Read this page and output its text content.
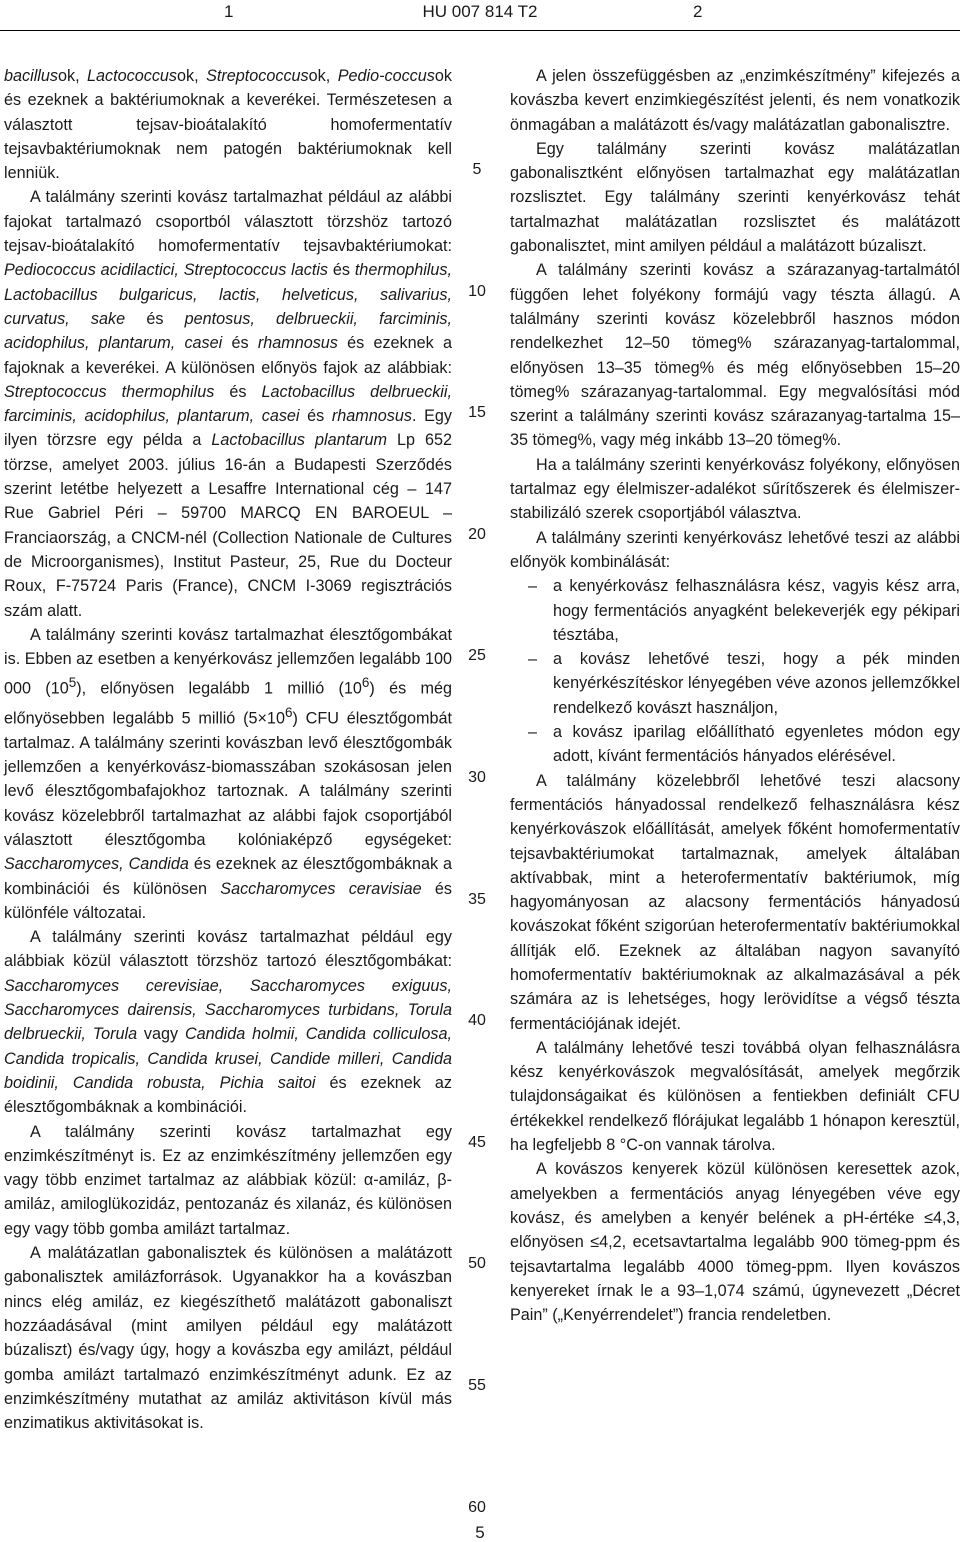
1	HU 007 814 T2	2

bacillusok, Lactococcusok, Streptococcusok, Pedio-coccusok és ezeknek a baktériumoknak a keverékei. Természetesen a választott tejsav-bioátalakító homofermentatív tejsavbaktériumoknak nem patogén baktériumoknak kell lenniük.

A találmány szerinti kovász tartalmazhat például az alábbi fajokat tartalmazó csoportból választott törzshöz tartozó tejsav-bioátalakító homofermentatív tejsavbaktériumokat: Pediococcus acidilactici, Streptococcus lactis és thermophilus, Lactobacillus bulgaricus, lactis, helveticus, salivarius, curvatus, sake és pentosus, delbrueckii, farciminis, acidophilus, plantarum, casei és rhamnosus és ezeknek a fajoknak a keverékei. A különösen előnyös fajok az alábbiak: Streptococcus thermophilus és Lactobacillus delbrueckii, farciminis, acidophilus, plantarum, casei és rhamnosus. Egy ilyen törzsre egy példa a Lactobacillus plantarum Lp 652 törzse, amelyet 2003. július 16-án a Budapesti Szerződés szerint letétbe helyezett a Lesaffre International cég – 147 Rue Gabriel Péri – 59700 MARCQ EN BAROEUL – Franciaország, a CNCM-nél (Collection Nationale de Cultures de Microorganismes), Institut Pasteur, 25, Rue du Docteur Roux, F-75724 Paris (France), CNCM I-3069 regisztrációs szám alatt.

A találmány szerinti kovász tartalmazhat élesztőgombákat is. Ebben az esetben a kenyérkovász jellemzően legalább 100 000 $(10^5)$, előnyösen legalább 1 millió $(10^6)$ és még előnyösebben legalább 5 millió $(5\times 10^6)$ CFU élesztőgombát tartalmaz. A találmány szerinti kovászban levő élesztőgombák jellemzően a kenyérkovász-biomasszában szokásosan jelen levő élesztőgombafajokhoz tartoznak. A találmány szerinti kovász közelebbről tartalmazhat az alábbi fajok csoportjából választott élesztőgomba kolóniaképző egységeket: Saccharomyces, Candida és ezeknek az élesztőgombáknak a kombinációi és különösen Saccharomyces ceravisiae és különféle változatai.

A találmány szerinti kovász tartalmazhat például egy alábbiak közül választott törzshöz tartozó élesztőgombákat: Saccharomyces cerevisiae, Saccharomyces exiguus, Saccharomyces dairensis, Saccharomyces turbidans, Torula delbrueckii, Torula vagy Candida holmii, Candida colliculosa, Candida tropicalis, Candida krusei, Candide milleri, Candida boidinii, Candida robusta, Pichia saitoi és ezeknek az élesztőgombáknak a kombinációi.

A találmány szerinti kovász tartalmazhat egy enzimkészítményt is. Ez az enzimkészítmény jellemzően egy vagy több enzimet tartalmaz az alábbiak közül: α-amiláz, β-amiláz, amiloglükozidáz, pentozanáz és xilanáz, és különösen egy vagy több gomba amilázt tartalmaz.

A malátázatlan gabonalisztek és különösen a malátázott gabonalisztek amilázforrások. Ugyanakkor ha a kovászban nincs elég amiláz, ez kiegészíthető malátázott gabonaliszt hozzáadásával (mint amilyen például egy malátázott búzaliszt) és/vagy úgy, hogy a kovászba egy amilázt, például gomba amilázt tartalmazó enzimkészítményt adunk. Ez az enzimkészítmény mutathat az amiláz aktivitáson kívül más enzimatikus aktivitásokat is.

5
10
15
20
25
30
35
40
45
50
55
60

A jelen összefüggésben az „enzimkészítmény” kifejezés a kovászba kevert enzimkiegészítést jelenti, és nem vonatkozik önmagában a malátázott és/vagy malátázatlan gabonalisztre.

Egy találmány szerinti kovász malátázatlan gabonalisztként előnyösen tartalmazhat egy malátázatlan rozslisztet. Egy találmány szerinti kenyérkovász tehát tartalmazhat malátázatlan rozslisztet és malátázott gabonalisztet, mint amilyen például a malátázott búzaliszt.

A találmány szerinti kovász a szárazanyag-tartalmától függően lehet folyékony formájú vagy tészta állagú. A találmány szerinti kovász közelebbről hasznos módon rendelkezhet 12–50 tömeg% szárazanyag-tartalommal, előnyösen 13–35 tömeg% és még előnyösebben 15–20 tömeg% szárazanyag-tartalommal. Egy megvalósítási mód szerint a találmány szerinti kovász szárazanyag-tartalma 15–35 tömeg%, vagy még inkább 13–20 tömeg%.

Ha a találmány szerinti kenyérkovász folyékony, előnyösen tartalmaz egy élelmiszer-adalékot sűrítőszerek és élelmiszer-stabilizáló szerek csoportjából választva.

A találmány szerinti kenyérkovász lehetővé teszi az alábbi előnyök kombinálását:

– a kenyérkovász felhasználásra kész, vagyis kész arra, hogy fermentációs anyagként belekeverjék egy pékipari tésztába,
– a kovász lehetővé teszi, hogy a pék minden kenyérkészítéskor lényegében véve azonos jellemzőkkel rendelkező kovászt használjon,
– a kovász iparilag előállítható egyenletes módon egy adott, kívánt fermentációs hányados elérésével.

A találmány közelebbről lehetővé teszi alacsony fermentációs hányadossal rendelkező felhasználásra kész kenyérkovászok előállítását, amelyek főként homofermentatív tejsavbaktériumokat tartalmaznak, amelyek általában aktívabbak, mint a heterofermentatív baktériumok, míg hagyományosan az alacsony fermentációs hányadosú kovászokat főként szigorúan heterofermentatív baktériumokkal állítják elő. Ezeknek az általában nagyon savanyító homofermentatív baktériumoknak az alkalmazásával a pék számára az is lehetséges, hogy lerövidítse a végső tészta fermentációjának idejét.

A találmány lehetővé teszi továbbá olyan felhasználásra kész kenyérkovászok megvalósítását, amelyek megőrzik tulajdonságaikat és különösen a fentiekben definiált CFU értékekkel rendelkező flórájukat legalább 1 hónapon keresztül, ha legfeljebb 8 °C-on vannak tárolva.

A kovászos kenyerek közül különösen keresettek azok, amelyekben a fermentációs anyag lényegében véve egy kovász, és amelyben a kenyér belének a pH-értéke ≤4,3, előnyösen ≤4,2, ecetsavtartalma legalább 900 tömeg-ppm és tejsavtartalma legalább 4000 tömeg-ppm. Ilyen kovászos kenyereket írnak le a 93–1,074 számú, úgynevezett „Décret Pain” („Kenyérrendelet”) francia rendeletben.

5
